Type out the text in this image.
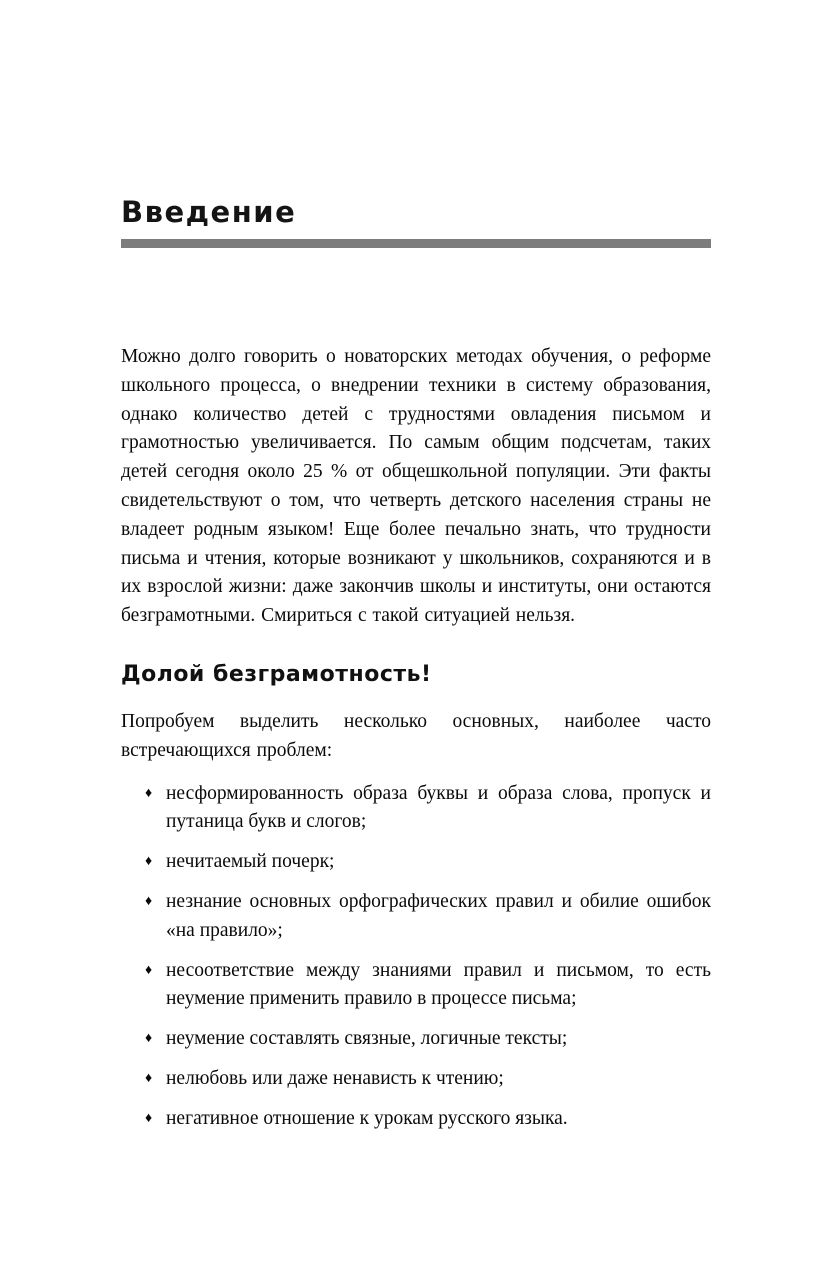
Введение

Можно долго говорить о новаторских методах обучения, о реформе школьного процесса, о внедрении техники в систему образования, однако количество детей с трудностями овладения письмом и грамотностью увеличивается. По самым общим подсчетам, таких детей сегодня около 25 % от общешкольной популяции. Эти факты свидетельствуют о том, что четверть детского населения страны не владеет родным языком! Еще более печально знать, что трудности письма и чтения, которые возникают у школьников, сохраняются и в их взрослой жизни: даже закончив школы и институты, они остаются безграмотными. Смириться с такой ситуацией нельзя.

Долой безграмотность!

Попробуем выделить несколько основных, наиболее часто встречающихся проблем:

♦ несформированность образа буквы и образа слова, пропуск и путаница букв и слогов;
♦ нечитаемый почерк;
♦ незнание основных орфографических правил и обилие ошибок «на правило»;
♦ несоответствие между знаниями правил и письмом, то есть неумение применить правило в процессе письма;
♦ неумение составлять связные, логичные тексты;
♦ нелюбовь или даже ненависть к чтению;
♦ негативное отношение к урокам русского языка.
